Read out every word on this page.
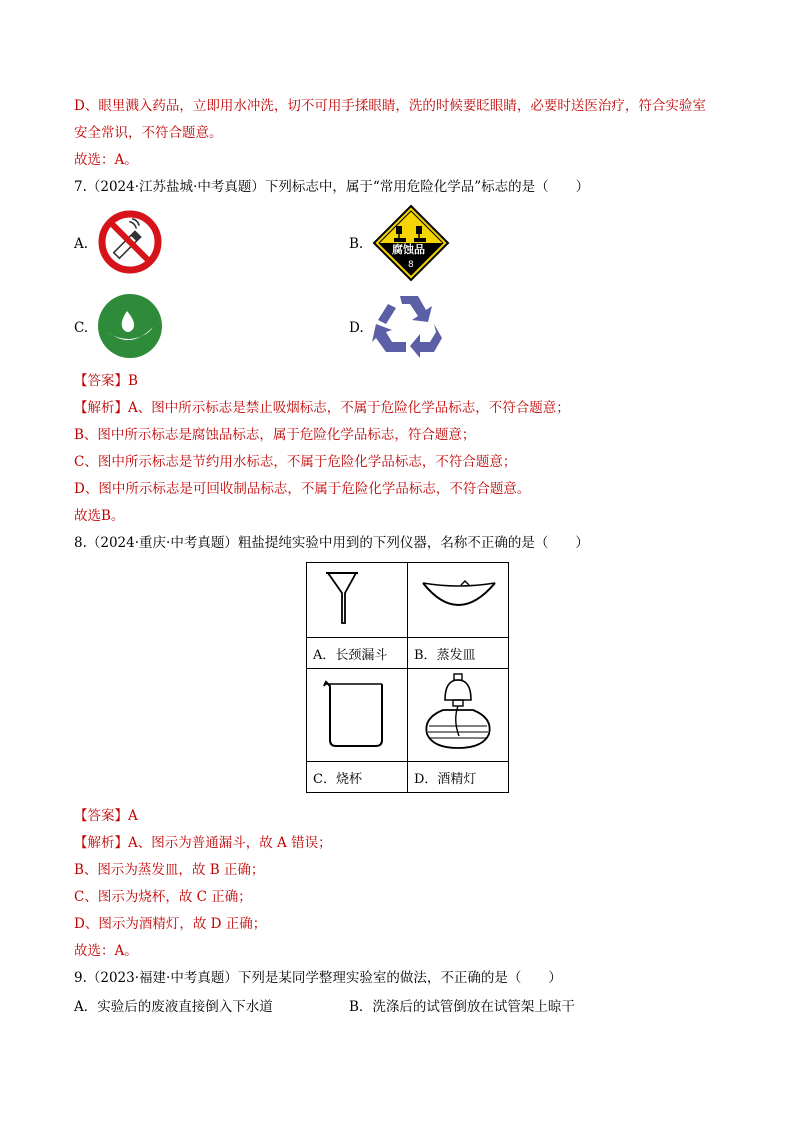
D、眼里溅入药品，立即用水冲洗，切不可用手揉眼睛，洗的时候要眨眼睛，必要时送医治疗，符合实验室
安全常识，不符合题意。
故选：A。
7.（2024·江苏盐城·中考真题）下列标志中，属于“常用危险化学品”标志的是（　　）
A.	B.	腐蚀品
8
C.	D.
【答案】B
【解析】A、图中所示标志是禁止吸烟标志，不属于危险化学品标志，不符合题意；
B、图中所示标志是腐蚀品标志，属于危险化学品标志，符合题意；
C、图中所示标志是节约用水标志，不属于危险化学品标志，不符合题意；
D、图中所示标志是可回收制品标志，不属于危险化学品标志，不符合题意。
故选B。
8.（2024·重庆·中考真题）粗盐提纯实验中用到的下列仪器，名称不正确的是（　　）

A．长颈漏斗	B．蒸发皿

C．烧杯	D．酒精灯
【答案】A
【解析】A、图示为普通漏斗，故 A 错误；
B、图示为蒸发皿，故 B 正确；
C、图示为烧杯，故 C 正确；
D、图示为酒精灯，故 D 正确；
故选：A。
9.（2023·福建·中考真题）下列是某同学整理实验室的做法，不正确的是（　　）
A．实验后的废液直接倒入下水道	B．洗涤后的试管倒放在试管架上晾干
